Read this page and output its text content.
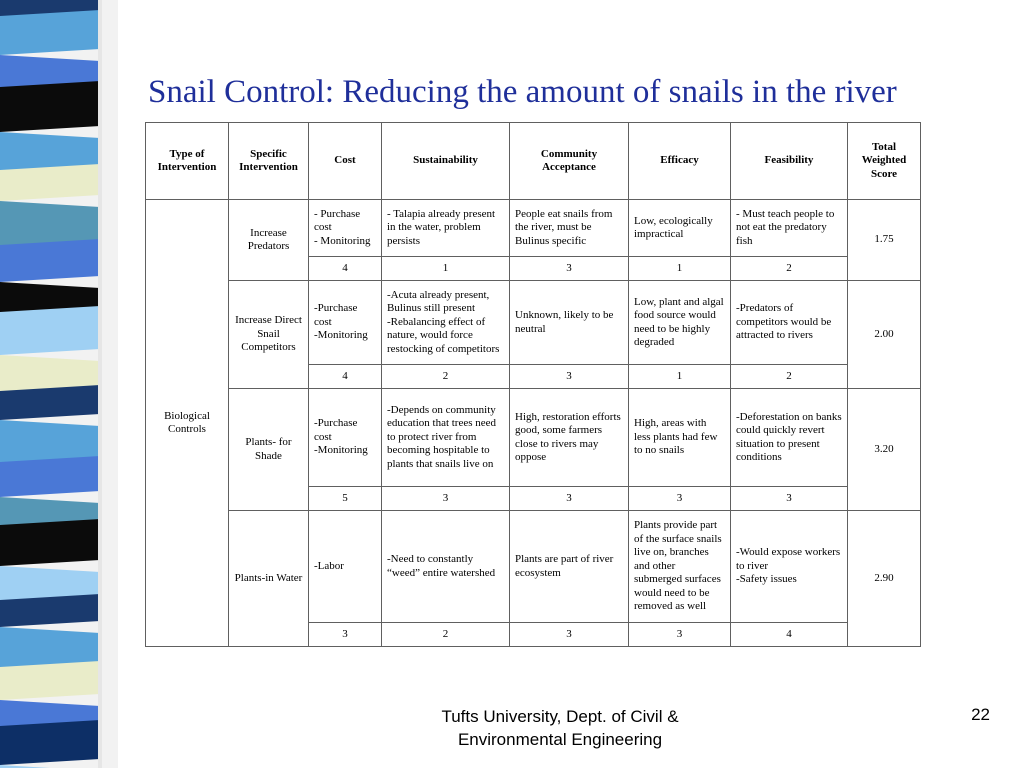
Snail Control: Reducing the amount of snails in the river
Type of Intervention	Specific Intervention	Cost	Sustainability	Community Acceptance	Efficacy	Feasibility	Total Weighted Score
Biological Controls	Increase Predators	- Purchase cost
- Monitoring	- Talapia already present in the water, problem persists	People eat snails from the river, must be Bulinus specific	Low, ecologically impractical	- Must teach people to not eat the predatory fish	1.75
		4	1	3	1	2	
	Increase Direct Snail Competitors	-Purchase cost
-Monitoring	-Acuta already present, Bulinus still present
-Rebalancing effect of nature, would force restocking of competitors	Unknown, likely to be neutral	Low, plant and algal food source would need to be highly degraded	-Predators of competitors would be attracted to rivers	2.00
		4	2	3	1	2	
	Plants- for Shade	-Purchase cost
-Monitoring	-Depends on community education that trees need to protect river from becoming hospitable to plants that snails live on	High, restoration efforts good, some farmers close to rivers may oppose	High, areas with less plants had few to no snails	-Deforestation on banks could quickly revert situation to present conditions	3.20
		5	3	3	3	3	
	Plants-in Water	-Labor	-Need to constantly “weed” entire watershed	Plants are part of river ecosystem	Plants provide part of the surface snails live on, branches and other submerged surfaces would need to be removed as well	-Would expose workers to river
-Safety issues	2.90
		3	2	3	3	4	
Tufts University, Dept. of Civil &
Environmental Engineering
22
